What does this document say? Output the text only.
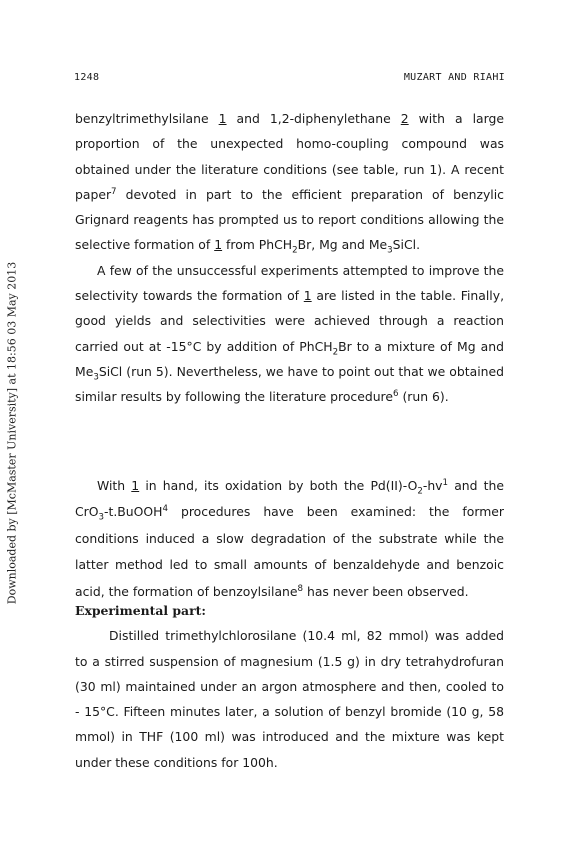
1248	MUZART AND RIAHI
Downloaded by [McMaster University] at 18:56 03 May 2013

benzyltrimethylsilane 1 and 1,2-diphenylethane 2 with a large proportion of the unexpected homo-coupling compound was obtained under the literature conditions (see table, run 1). A recent paper$^7$ devoted in part to the efficient preparation of benzylic Grignard reagents has prompted us to report conditions allowing the selective formation of 1 from PhCH$_2$Br, Mg and $Me_3SiCl$.

A few of the unsuccessful experiments attempted to improve the selectivity towards the formation of 1 are listed in the table. Finally, good yields and selectivities were achieved through a reaction carried out at -15°C by addition of PhCH$_2$Br to a mixture of Mg and $Me_3SiCl$ (run 5). Nevertheless, we have to point out that we obtained similar results by following the literature procedure$^6$ (run 6).

With 1 in hand, its oxidation by both the $Pd(II)-O_2-hv^1$ and the CrO$_3$-t.BuOOH$^4$ procedures have been examined: the former conditions induced a slow degradation of the substrate while the latter method led to small amounts of benzaldehyde and benzoic acid, the formation of benzoylsilane$^8$ has never been observed.

Experimental part:

Distilled trimethylchlorosilane (10.4 ml, 82 mmol) was added to a stirred suspension of magnesium (1.5 g) in dry tetrahydrofuran (30 ml) maintained under an argon atmosphere and then, cooled to - 15°C. Fifteen minutes later, a solution of benzyl bromide (10 g, 58 mmol) in THF (100 ml) was introduced and the mixture was kept under these conditions for 100h.
